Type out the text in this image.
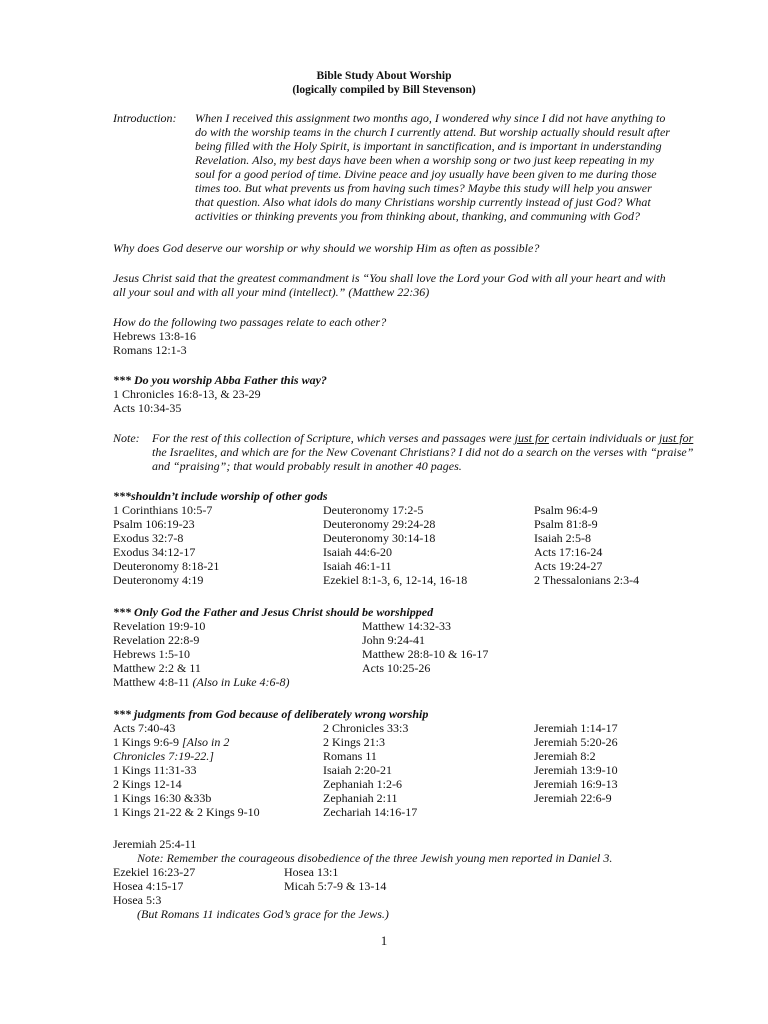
Bible Study About Worship
(logically compiled by Bill Stevenson)
Introduction: When I received this assignment two months ago, I wondered why since I did not have anything to
do with the worship teams in the church I currently attend. But worship actually should result after
being filled with the Holy Spirit, is important in sanctification, and is important in understanding
Revelation. Also, my best days have been when a worship song or two just keep repeating in my
soul for a good period of time. Divine peace and joy usually have been given to me during those
times too. But what prevents us from having such times? Maybe this study will help you answer
that question. Also what idols do many Christians worship currently instead of just God? What
activities or thinking prevents you from thinking about, thanking, and communing with God?
Why does God deserve our worship or why should we worship Him as often as possible?
Jesus Christ said that the greatest commandment is “You shall love the Lord your God with all your heart and with
all your soul and with all your mind (intellect).” (Matthew 22:36)
How do the following two passages relate to each other?
Hebrews 13:8-16
Romans 12:1-3
*** Do you worship Abba Father this way?
1 Chronicles 16:8-13, & 23-29
Acts 10:34-35
Note: For the rest of this collection of Scripture, which verses and passages were just for certain individuals or just for
the Israelites, and which are for the New Covenant Christians? I did not do a search on the verses with “praise”
and “praising”; that would probably result in another 40 pages.
***shouldn’t include worship of other gods
1 Corinthians 10:5-7
Psalm 106:19-23
Exodus 32:7-8
Exodus 34:12-17
Deuteronomy 8:18-21
Deuteronomy 4:19
Deuteronomy 17:2-5
Deuteronomy 29:24-28
Deuteronomy 30:14-18
Isaiah 44:6-20
Isaiah 46:1-11
Ezekiel 8:1-3, 6, 12-14, 16-18
Psalm 96:4-9
Psalm 81:8-9
Isaiah 2:5-8
Acts 17:16-24
Acts 19:24-27
2 Thessalonians 2:3-4
*** Only God the Father and Jesus Christ should be worshipped
Revelation 19:9-10
Revelation 22:8-9
Hebrews 1:5-10
Matthew 2:2 & 11
Matthew 4:8-11 (Also in Luke 4:6-8)
Matthew 14:32-33
John 9:24-41
Matthew 28:8-10 & 16-17
Acts 10:25-26
*** judgments from God because of deliberately wrong worship
Acts 7:40-43
1 Kings 9:6-9 [Also in 2
Chronicles 7:19-22.]
1 Kings 11:31-33
2 Kings 12-14
1 Kings 16:30 &33b
1 Kings 21-22 & 2 Kings 9-10
2 Chronicles 33:3
2 Kings 21:3
Romans 11
Isaiah 2:20-21
Zephaniah 1:2-6
Zephaniah 2:11
Zechariah 14:16-17
Jeremiah 1:14-17
Jeremiah 5:20-26
Jeremiah 8:2
Jeremiah 13:9-10
Jeremiah 16:9-13
Jeremiah 22:6-9
Jeremiah 25:4-11
Note: Remember the courageous disobedience of the three Jewish young men reported in Daniel 3.
Ezekiel 16:23-27	Hosea 13:1
Hosea 4:15-17	Micah 5:7-9 & 13-14
Hosea 5:3
(But Romans 11 indicates God’s grace for the Jews.)
1
